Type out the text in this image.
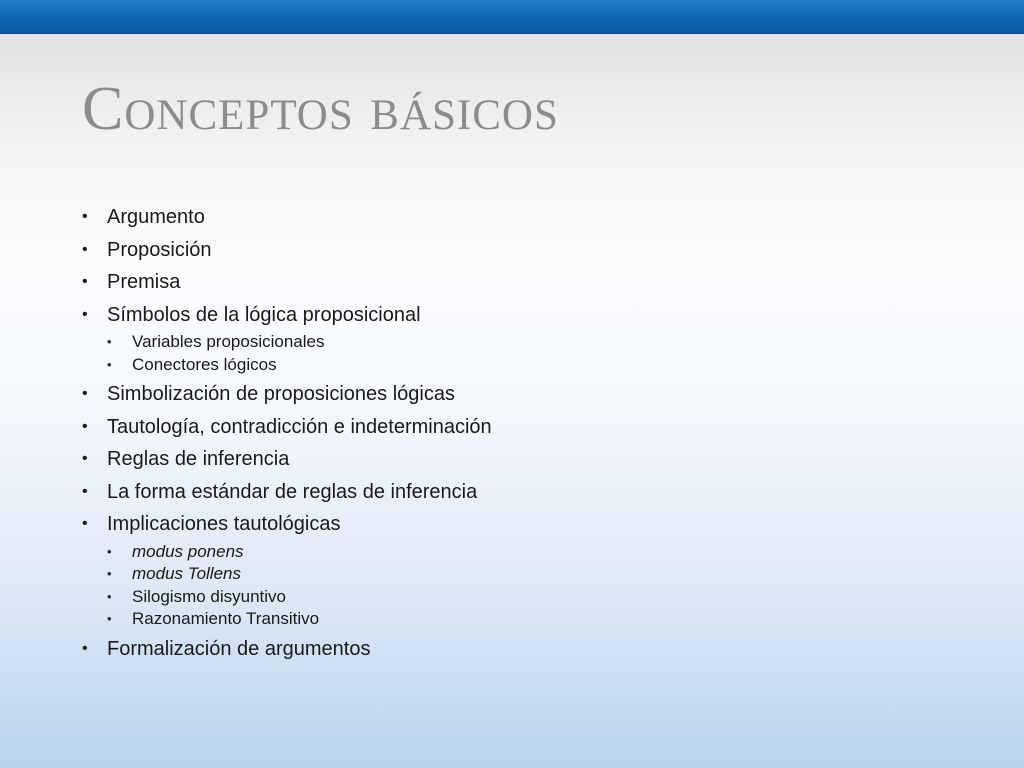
Conceptos básicos
• Argumento
• Proposición
• Premisa
• Símbolos de la lógica proposicional
• Variables proposicionales
• Conectores lógicos
• Simbolización de proposiciones lógicas
• Tautología, contradicción e indeterminación
• Reglas de inferencia
• La forma estándar de reglas de inferencia
• Implicaciones tautológicas
• modus ponens
• modus Tollens
• Silogismo disyuntivo
• Razonamiento Transitivo
• Formalización de argumentos
